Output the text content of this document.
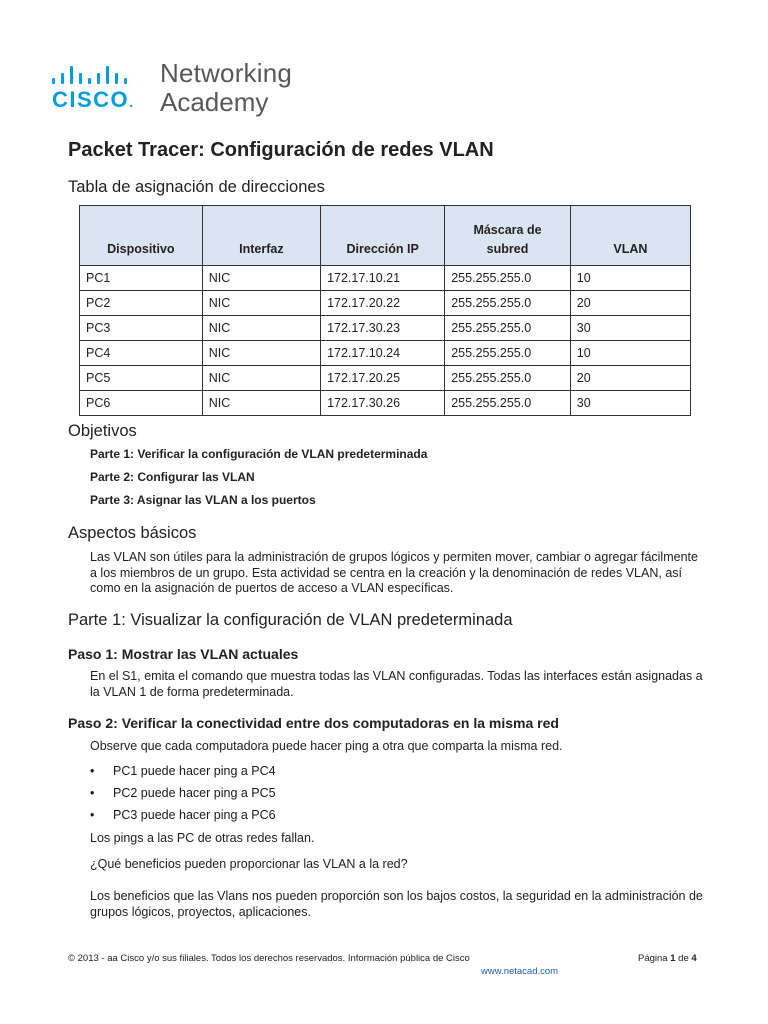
CISCO.
Networking
Academy
Packet Tracer: Configuración de redes VLAN
Tabla de asignación de direcciones
Dispositivo	Interfaz	Dirección IP	Máscara de subred	VLAN
PC1	NIC	172.17.10.21	255.255.255.0	10
PC2	NIC	172.17.20.22	255.255.255.0	20
PC3	NIC	172.17.30.23	255.255.255.0	30
PC4	NIC	172.17.10.24	255.255.255.0	10
PC5	NIC	172.17.20.25	255.255.255.0	20
PC6	NIC	172.17.30.26	255.255.255.0	30
Objetivos
Parte 1: Verificar la configuración de VLAN predeterminada
Parte 2: Configurar las VLAN
Parte 3: Asignar las VLAN a los puertos
Aspectos básicos
Las VLAN son útiles para la administración de grupos lógicos y permiten mover, cambiar o agregar fácilmente a los miembros de un grupo. Esta actividad se centra en la creación y la denominación de redes VLAN, así como en la asignación de puertos de acceso a VLAN específicas.
Parte 1: Visualizar la configuración de VLAN predeterminada
Paso 1: Mostrar las VLAN actuales
En el S1, emita el comando que muestra todas las VLAN configuradas. Todas las interfaces están asignadas a la VLAN 1 de forma predeterminada.
Paso 2: Verificar la conectividad entre dos computadoras en la misma red
Observe que cada computadora puede hacer ping a otra que comparta la misma red.
• PC1 puede hacer ping a PC4
• PC2 puede hacer ping a PC5
• PC3 puede hacer ping a PC6
Los pings a las PC de otras redes fallan.
¿Qué beneficios pueden proporcionar las VLAN a la red?
Los beneficios que las Vlans nos pueden proporción son los bajos costos, la seguridad en la administración de grupos lógicos, proyectos, aplicaciones.
© 2013 - aa Cisco y/o sus filiales. Todos los derechos reservados. Información pública de Cisco	Página 1 de 4
www.netacad.com
